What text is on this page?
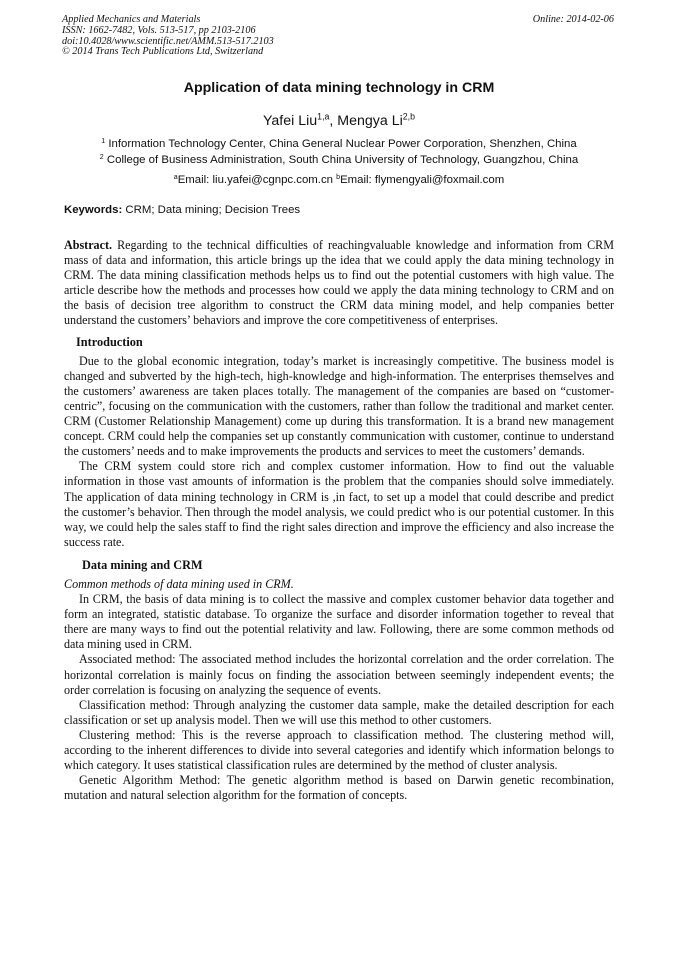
Applied Mechanics and Materials
ISSN: 1662-7482, Vols. 513-517, pp 2103-2106
doi:10.4028/www.scientific.net/AMM.513-517.2103
© 2014 Trans Tech Publications Ltd, Switzerland
Online: 2014-02-06
Application of data mining technology in CRM
Yafei Liu$^{1,a}$, Mengya Li$^{2,b}$
$^1$ Information Technology Center, China General Nuclear Power Corporation, Shenzhen, China
$^2$ College of Business Administration, South China University of Technology, Guangzhou, China
$^a$Email: liu.yafei@cgnpc.com.cn $^b$Email: flymengyali@foxmail.com
Keywords: CRM; Data mining; Decision Trees

Abstract. Regarding to the technical difficulties of reachingvaluable knowledge and information from CRM mass of data and information, this article brings up the idea that we could apply the data mining technology in CRM. The data mining classification methods helps us to find out the potential customers with high value. The article describe how the methods and processes how could we apply the data mining technology to CRM and on the basis of decision tree algorithm to construct the CRM data mining model, and help companies better understand the customers’ behaviors and improve the core competitiveness of enterprises.

Introduction

Due to the global economic integration, today’s market is increasingly competitive. The business model is changed and subverted by the high-tech, high-knowledge and high-information. The enterprises themselves and the customers’ awareness are taken places totally. The management of the companies are based on “customer-centric”, focusing on the communication with the customers, rather than follow the traditional and market center. CRM (Customer Relationship Management) come up during this transformation. It is a brand new management concept. CRM could help the companies set up constantly communication with customer, continue to understand the customers’ needs and to make improvements the products and services to meet the customers’ demands.

The CRM system could store rich and complex customer information. How to find out the valuable information in those vast amounts of information is the problem that the companies should solve immediately. The application of data mining technology in CRM is ,in fact, to set up a model that could describe and predict the customer’s behavior. Then through the model analysis, we could predict who is our potential customer. In this way, we could help the sales staff to find the right sales direction and improve the efficiency and also increase the success rate.

Data mining and CRM
Common methods of data mining used in CRM.

In CRM, the basis of data mining is to collect the massive and complex customer behavior data together and form an integrated, statistic database. To organize the surface and disorder information together to reveal that there are many ways to find out the potential relativity and law. Following, there are some common methods od data mining used in CRM.

Associated method: The associated method includes the horizontal correlation and the order correlation. The horizontal correlation is mainly focus on finding the association between seemingly independent events; the order correlation is focusing on analyzing the sequence of events.

Classification method: Through analyzing the customer data sample, make the detailed description for each classification or set up analysis model. Then we will use this method to other customers.

Clustering method: This is the reverse approach to classification method. The clustering method will, according to the inherent differences to divide into several categories and identify which information belongs to which category. It uses statistical classification rules are determined by the method of cluster analysis.

Genetic Algorithm Method: The genetic algorithm method is based on Darwin genetic recombination, mutation and natural selection algorithm for the formation of concepts.
